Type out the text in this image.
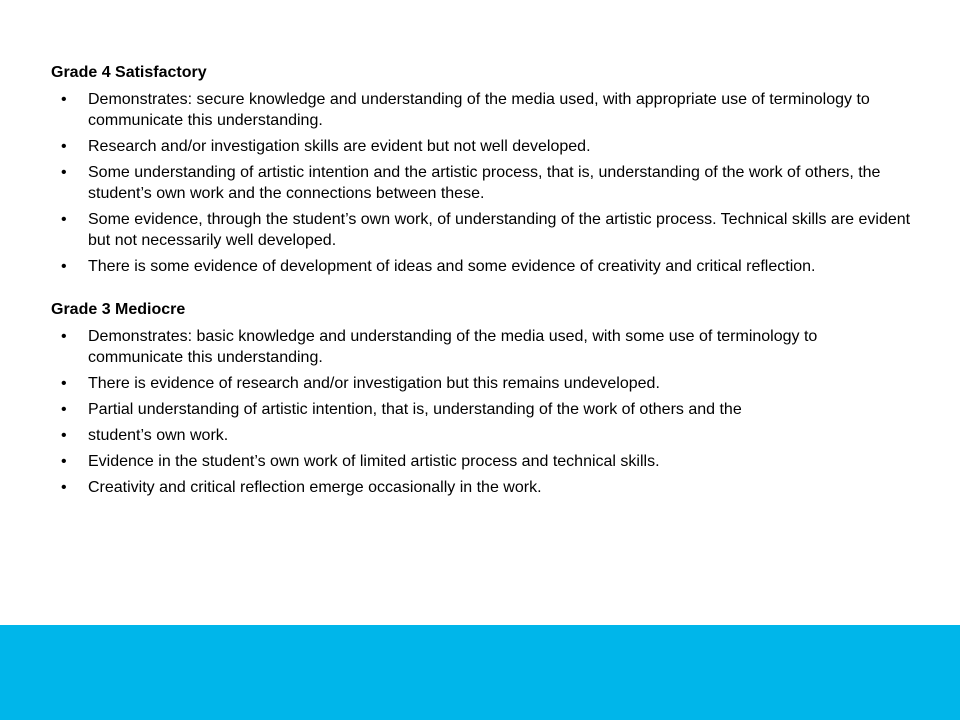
Grade 4 Satisfactory
• Demonstrates: secure knowledge and understanding of the media used, with appropriate use of terminology to communicate this understanding.
• Research and/or investigation skills are evident but not well developed.
• Some understanding of artistic intention and the artistic process, that is, understanding of the work of others, the student’s own work and the connections between these.
• Some evidence, through the student’s own work, of understanding of the artistic process. Technical skills are evident but not necessarily well developed.
• There is some evidence of development of ideas and some evidence of creativity and critical reflection.
Grade 3 Mediocre
• Demonstrates: basic knowledge and understanding of the media used, with some use of terminology to communicate this understanding.
• There is evidence of research and/or investigation but this remains undeveloped.
• Partial understanding of artistic intention, that is, understanding of the work of others and the
• student’s own work.
• Evidence in the student’s own work of limited artistic process and technical skills.
• Creativity and critical reflection emerge occasionally in the work.
